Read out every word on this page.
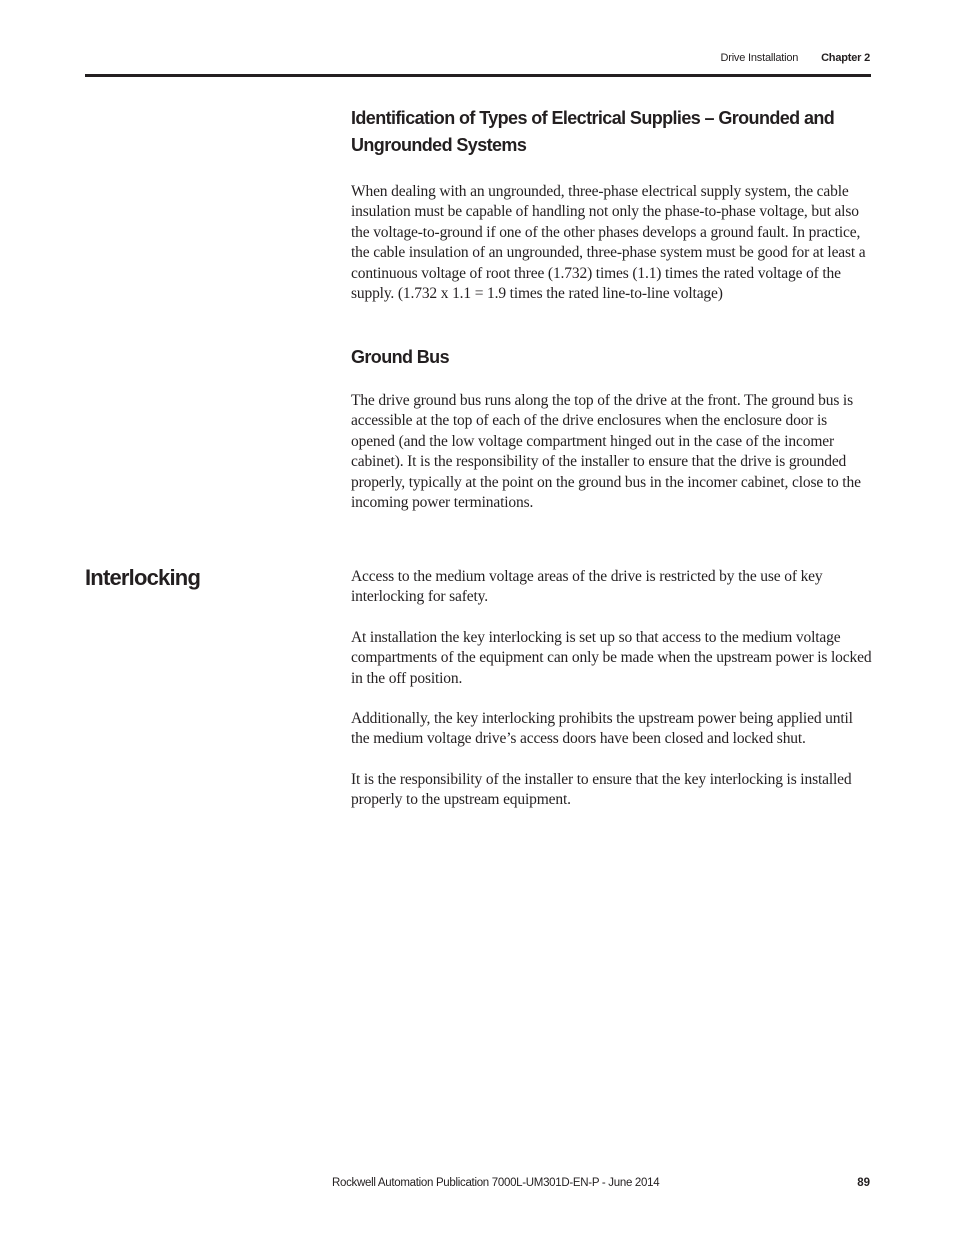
Drive Installation Chapter 2
Identification of Types of Electrical Supplies – Grounded and
Ungrounded Systems

When dealing with an ungrounded, three-phase electrical supply system, the cable insulation must be capable of handling not only the phase-to-phase voltage, but also the voltage-to-ground if one of the other phases develops a ground fault. In practice, the cable insulation of an ungrounded, three-phase system must be good for at least a continuous voltage of root three (1.732) times (1.1) times the rated voltage of the supply. (1.732 x 1.1 = 1.9 times the rated line-to-line voltage)

Ground Bus

The drive ground bus runs along the top of the drive at the front. The ground bus is accessible at the top of each of the drive enclosures when the enclosure door is opened (and the low voltage compartment hinged out in the case of the incomer cabinet). It is the responsibility of the installer to ensure that the drive is grounded properly, typically at the point on the ground bus in the incomer cabinet, close to the incoming power terminations.

Interlocking	Access to the medium voltage areas of the drive is restricted by the use of key interlocking for safety.

At installation the key interlocking is set up so that access to the medium voltage compartments of the equipment can only be made when the upstream power is locked in the off position.

Additionally, the key interlocking prohibits the upstream power being applied until the medium voltage drive’s access doors have been closed and locked shut.

It is the responsibility of the installer to ensure that the key interlocking is installed properly to the upstream equipment.

Rockwell Automation Publication 7000L-UM301D-EN-P - June 2014	89
